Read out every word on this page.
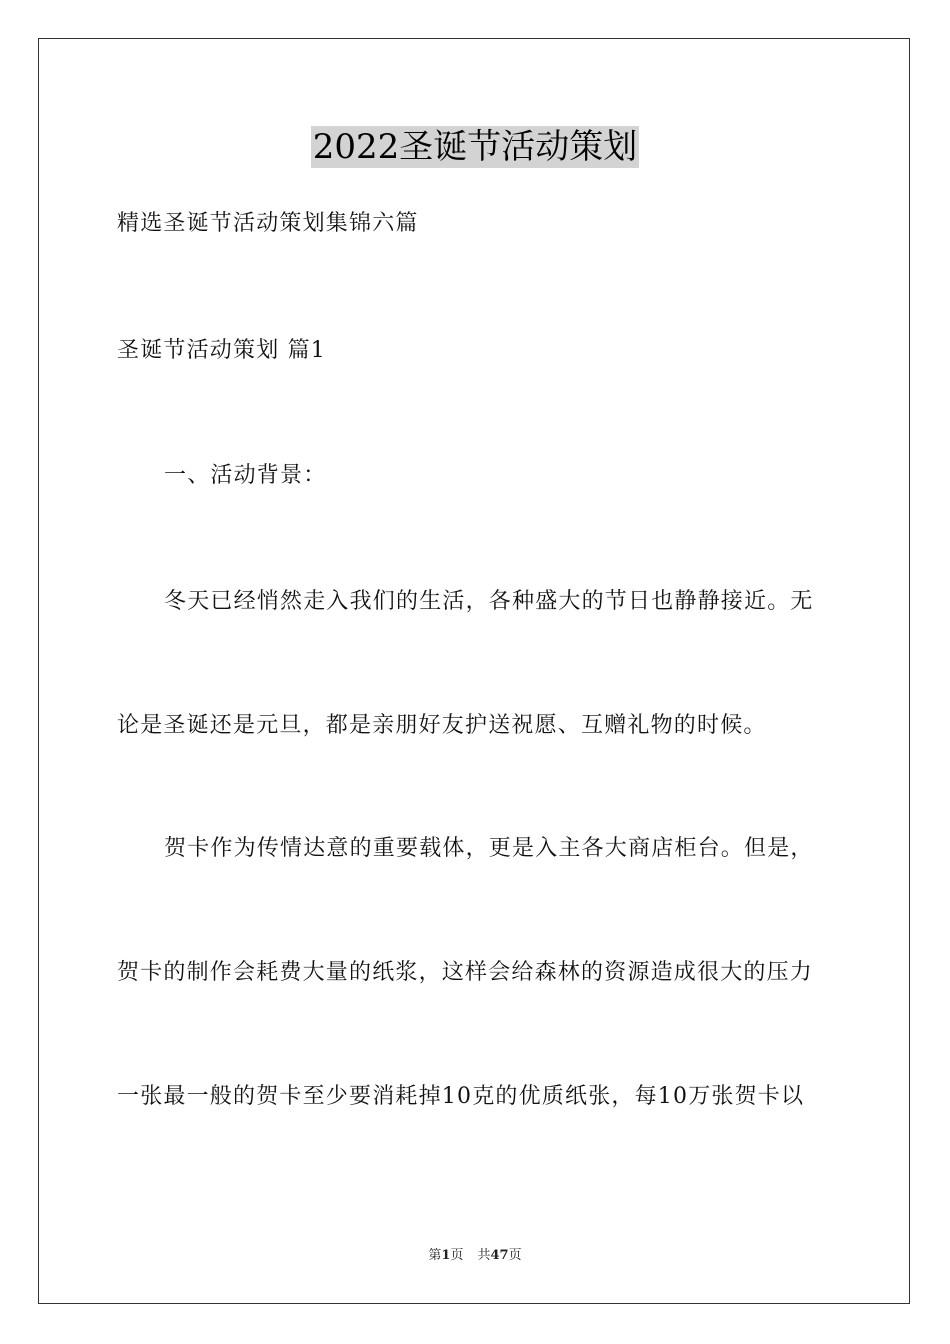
2022圣诞节活动策划
精选圣诞节活动策划集锦六篇
圣诞节活动策划 篇1
一、活动背景：
冬天已经悄然走入我们的生活，各种盛大的节日也静静接近。无
论是圣诞还是元旦，都是亲朋好友护送祝愿、互赠礼物的时候。
贺卡作为传情达意的重要载体，更是入主各大商店柜台。但是，
贺卡的制作会耗费大量的纸浆，这样会给森林的资源造成很大的压力
一张最一般的贺卡至少要消耗掉10克的优质纸张，每10万张贺卡以
第1页 共47页
